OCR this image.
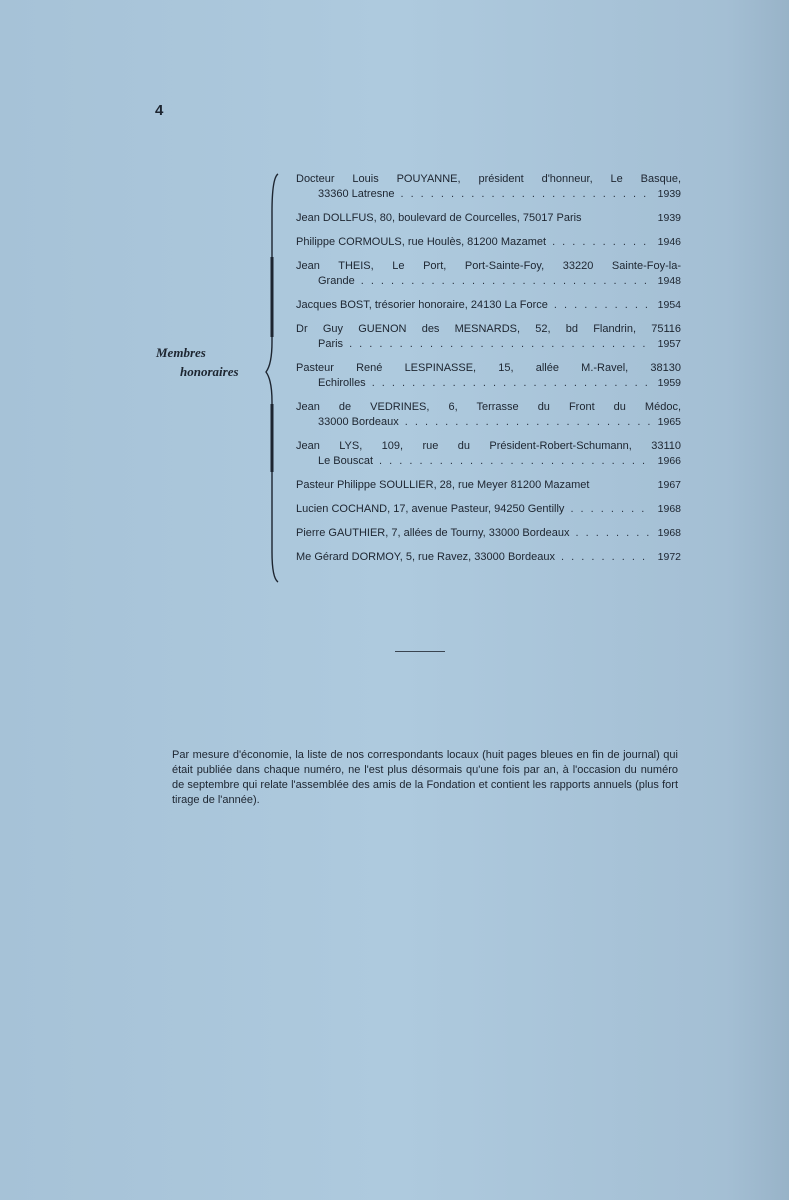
4
Membres
honoraires
Docteur Louis POUYANNE, président d'honneur, Le Basque,
33360 Latresne . . .	1939
Jean DOLLFUS, 80, boulevard de Courcelles, 75017 Paris	1939
Philippe CORMOULS, rue Houlès, 81200 Mazamet . . .	1946
Jean THEIS, Le Port, Port-Sainte-Foy, 33220 Sainte-Foy-la-
Grande . . .	1948
Jacques BOST, trésorier honoraire, 24130 La Force . . .	1954
Dr Guy GUENON des MESNARDS, 52, bd Flandrin, 75116
Paris . . .	1957
Pasteur René LESPINASSE, 15, allée M.-Ravel, 38130
Echirolles . . .	1959
Jean de VEDRINES, 6, Terrasse du Front du Médoc,
33000 Bordeaux . . .	1965
Jean LYS, 109, rue du Président-Robert-Schumann, 33110
Le Bouscat . . .	1966
Pasteur Philippe SOULLIER, 28, rue Meyer 81200 Mazamet	1967
Lucien COCHAND, 17, avenue Pasteur, 94250 Gentilly . . .	1968
Pierre GAUTHIER, 7, allées de Tourny, 33000 Bordeaux . . .	1968
Me Gérard DORMOY, 5, rue Ravez, 33000 Bordeaux . . .	1972
Par mesure d'économie, la liste de nos correspondants locaux (huit pages bleues en fin de journal) qui était publiée dans chaque numéro, ne l'est plus désormais qu'une fois par an, à l'occasion du numéro de septembre qui relate l'assemblée des amis de la Fondation et contient les rapports annuels (plus fort tirage de l'année).
